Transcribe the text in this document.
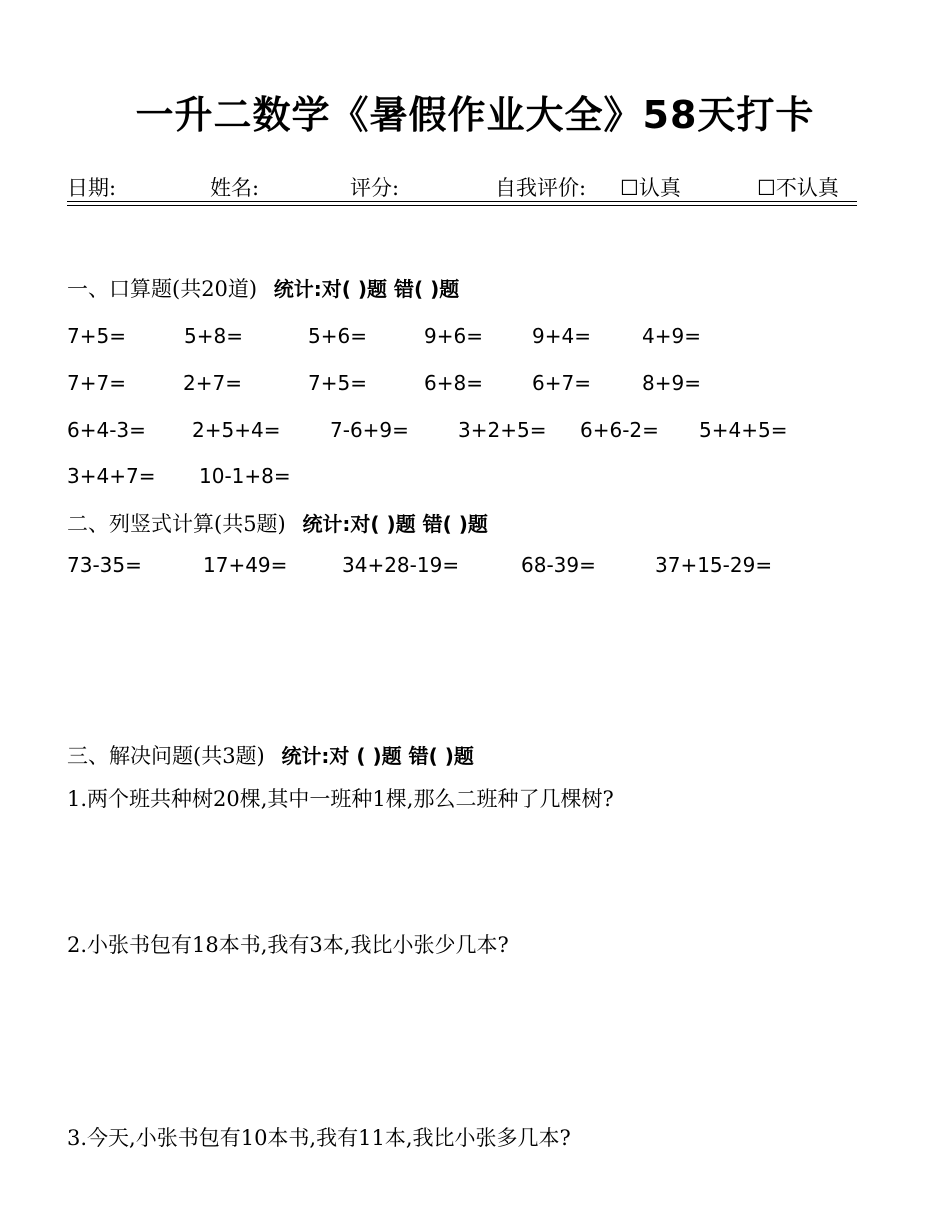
一升二数学《暑假作业大全》58天打卡
日期:	姓名:	评分:	自我评价: ☐认真	☐不认真
一、口算题(共20道) 统计:对( )题 错( )题
7+5=	5+8=	5+6=	9+6= 9+4=	4+9=
7+7=	2+7=	7+5=	6+8= 6+7=	8+9=
6+4-3= 2+5+4= 7-6+9= 3+2+5= 6+6-2= 5+4+5=
3+4+7= 10-1+8=
二、列竖式计算(共5题) 统计:对( )题 错( )题
73-35=	17+49=	34+28-19=	68-39=	37+15-29=
三、解决问题(共3题) 统计:对 ( )题 错( )题
1.两个班共种树20棵,其中一班种1棵,那么二班种了几棵树?
2.小张书包有18本书,我有3本,我比小张少几本?
3.今天,小张书包有10本书,我有11本,我比小张多几本?
